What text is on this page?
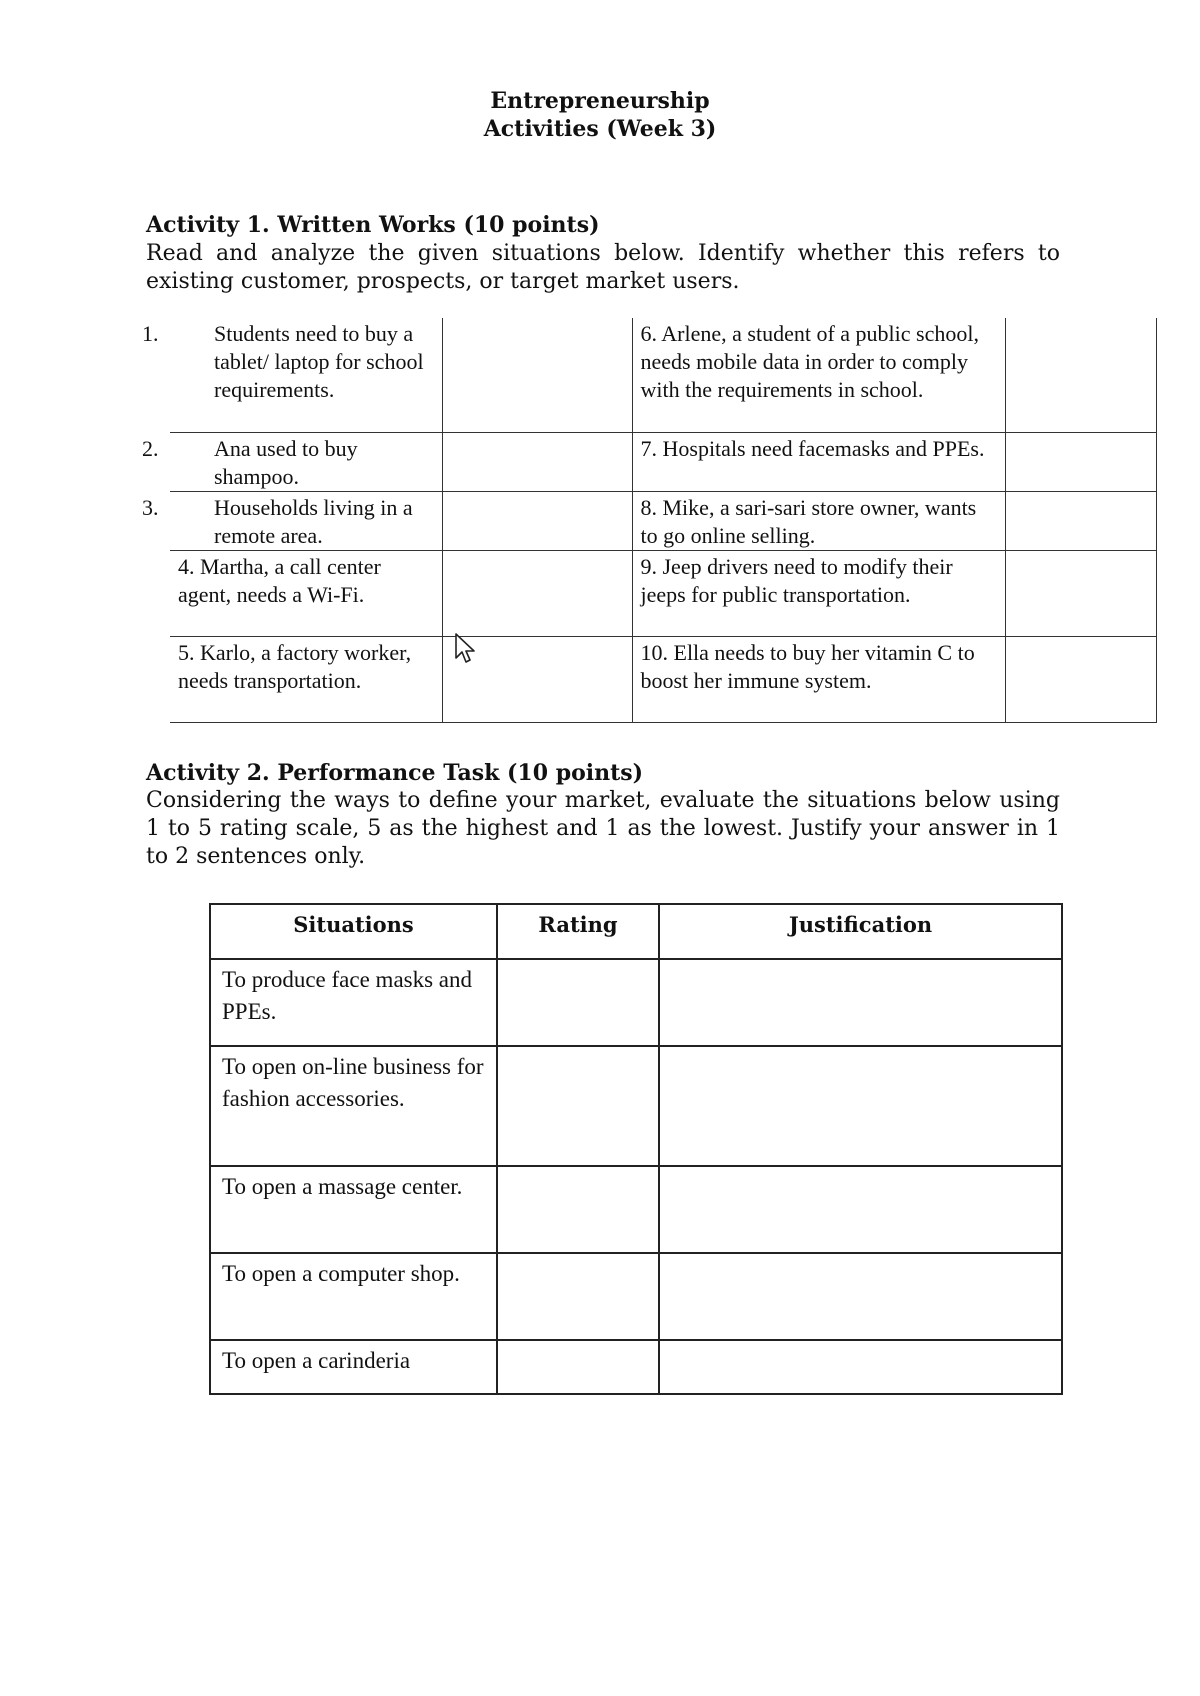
Entrepreneurship
Activities (Week 3)
Activity 1. Written Works (10 points)
Read and analyze the given situations below. Identify whether this refers to existing customer, prospects, or target market users.
1. Students need to buy a tablet/ laptop for school requirements.		6. Arlene, a student of a public school, needs mobile data in order to comply with the requirements in school.	

2. Ana used to buy shampoo.		7. Hospitals need facemasks and PPEs.	

3. Households living in a remote area.		8. Mike, a sari-sari store owner, wants to go online selling.	
4. Martha, a call center agent, needs a Wi-Fi.		9. Jeep drivers need to modify their jeeps for public transportation.	
5. Karlo, a factory worker, needs transportation.		10. Ella needs to buy her vitamin C to boost her immune system.	
Activity 2. Performance Task (10 points)
Considering the ways to define your market, evaluate the situations below using 1 to 5 rating scale, 5 as the highest and 1 as the lowest. Justify your answer in 1 to 2 sentences only.
Situations	Rating	Justification
To produce face masks and PPEs.		
To open on-line business for fashion accessories.		
To open a massage center.		
To open a computer shop.		
To open a carinderia		
